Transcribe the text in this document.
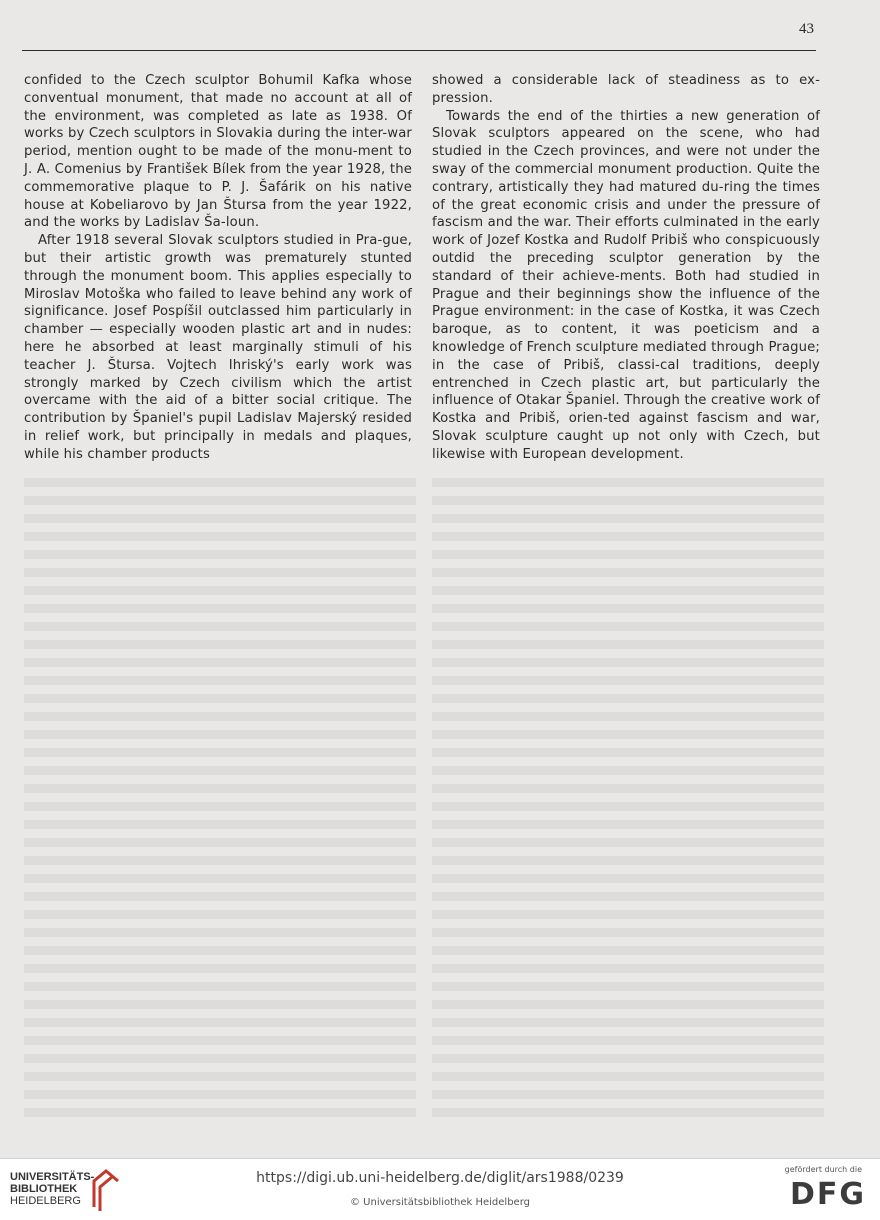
43

confided to the Czech sculptor Bohumil Kafka whose conventual monument, that made no account at all of the environment, was completed as late as 1938. Of works by Czech sculptors in Slovakia during the inter-war period, mention ought to be made of the monu-ment to J. A. Comenius by František Bílek from the year 1928, the commemorative plaque to P. J. Šafárik on his native house at Kobeliarovo by Jan Štursa from the year 1922, and the works by Ladislav Ša-loun.

After 1918 several Slovak sculptors studied in Pra-gue, but their artistic growth was prematurely stunted through the monument boom. This applies especially to Miroslav Motoška who failed to leave behind any work of significance. Josef Pospíšil outclassed him particularly in chamber — especially wooden plastic art and in nudes: here he absorbed at least marginally stimuli of his teacher J. Štursa. Vojtech Ihriský's early work was strongly marked by Czech civilism which the artist overcame with the aid of a bitter social critique. The contribution by Španiel's pupil Ladislav Majerský resided in relief work, but principally in medals and plaques, while his chamber products

showed a considerable lack of steadiness as to ex-pression.

Towards the end of the thirties a new generation of Slovak sculptors appeared on the scene, who had studied in the Czech provinces, and were not under the sway of the commercial monument production. Quite the contrary, artistically they had matured du-ring the times of the great economic crisis and under the pressure of fascism and the war. Their efforts culminated in the early work of Jozef Kostka and Rudolf Pribiš who conspicuously outdid the preceding sculptor generation by the standard of their achieve-ments. Both had studied in Prague and their beginnings show the influence of the Prague environment: in the case of Kostka, it was Czech baroque, as to content, it was poeticism and a knowledge of French sculpture mediated through Prague; in the case of Pribiš, classi-cal traditions, deeply entrenched in Czech plastic art, but particularly the influence of Otakar Španiel. Through the creative work of Kostka and Pribiš, orien-ted against fascism and war, Slovak sculpture caught up not only with Czech, but likewise with European development.

UNIVERSITÄTS-
BIBLIOTHEK
HEIDELBERG
https://digi.ub.uni-heidelberg.de/diglit/ars1988/0239
© Universitätsbibliothek Heidelberg
gefördert durch die
DFG
